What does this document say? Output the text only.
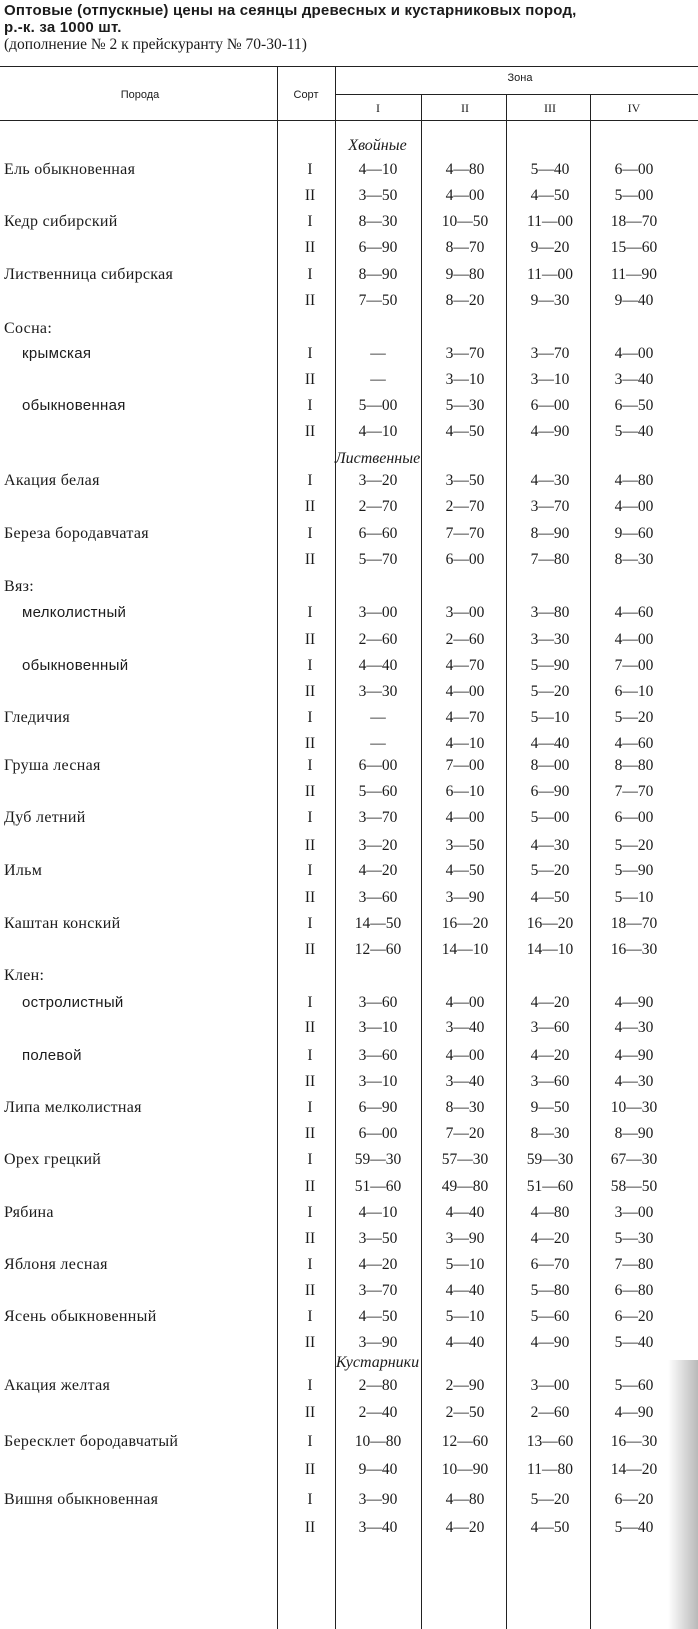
Оптовые (отпускные) цены на сеянцы древесных и кустарниковых пород,
р.-к. за 1000 шт.
(дополнение № 2 к прейскуранту № 70-30-11)
Порода	Сорт
Зона
I	II	III	IV
Хвойные
Ель обыкновенная	I	4—10	4—80	5—40	6—00
II	3—50	4—00	4—50	5—00
Кедр сибирский	I	8—30	10—50	11—00	18—70
II	6—90	8—70	9—20	15—60
Лиственница сибирская	I	8—90	9—80	11—00	11—90
II	7—50	8—20	9—30	9—40
Сосна:
крымская	I	—	3—70	3—70	4—00
II	—	3—10	3—10	3—40
обыкновенная	I	5—00	5—30	6—00	6—50
II	4—10	4—50	4—90	5—40
Лиственные
Акация белая	I	3—20	3—50	4—30	4—80
II	2—70	2—70	3—70	4—00
Береза бородавчатая	I	6—60	7—70	8—90	9—60
II	5—70	6—00	7—80	8—30
Вяз:
мелколистный	I	3—00	3—00	3—80	4—60
II	2—60	2—60	3—30	4—00
обыкновенный	I	4—40	4—70	5—90	7—00
II	3—30	4—00	5—20	6—10
Гледичия	I	—	4—70	5—10	5—20
II	—	4—10	4—40	4—60
Груша лесная	I	6—00	7—00	8—00	8—80
II	5—60	6—10	6—90	7—70
Дуб летний	I	3—70	4—00	5—00	6—00
II	3—20	3—50	4—30	5—20
Ильм	I	4—20	4—50	5—20	5—90
II	3—60	3—90	4—50	5—10
Каштан конский	I	14—50	16—20	16—20	18—70
II	12—60	14—10	14—10	16—30
Клен:
остролистный	I	3—60	4—00	4—20	4—90
II	3—10	3—40	3—60	4—30
полевой	I	3—60	4—00	4—20	4—90
II	3—10	3—40	3—60	4—30
Липа мелколистная	I	6—90	8—30	9—50	10—30
II	6—00	7—20	8—30	8—90
Орех грецкий	I	59—30	57—30	59—30	67—30
II	51—60	49—80	51—60	58—50
Рябина	I	4—10	4—40	4—80	3—00
II	3—50	3—90	4—20	5—30
Яблоня лесная	I	4—20	5—10	6—70	7—80
II	3—70	4—40	5—80	6—80
Ясень обыкновенный	I	4—50	5—10	5—60	6—20
II	3—90	4—40	4—90	5—40
Кустарники
Акация желтая	I	2—80	2—90	3—00	5—60
II	2—40	2—50	2—60	4—90
Бересклет бородавчатый	I	10—80	12—60	13—60	16—30
II	9—40	10—90	11—80	14—20
Вишня обыкновенная	I	3—90	4—80	5—20	6—20
II	3—40	4—20	4—50	5—40
